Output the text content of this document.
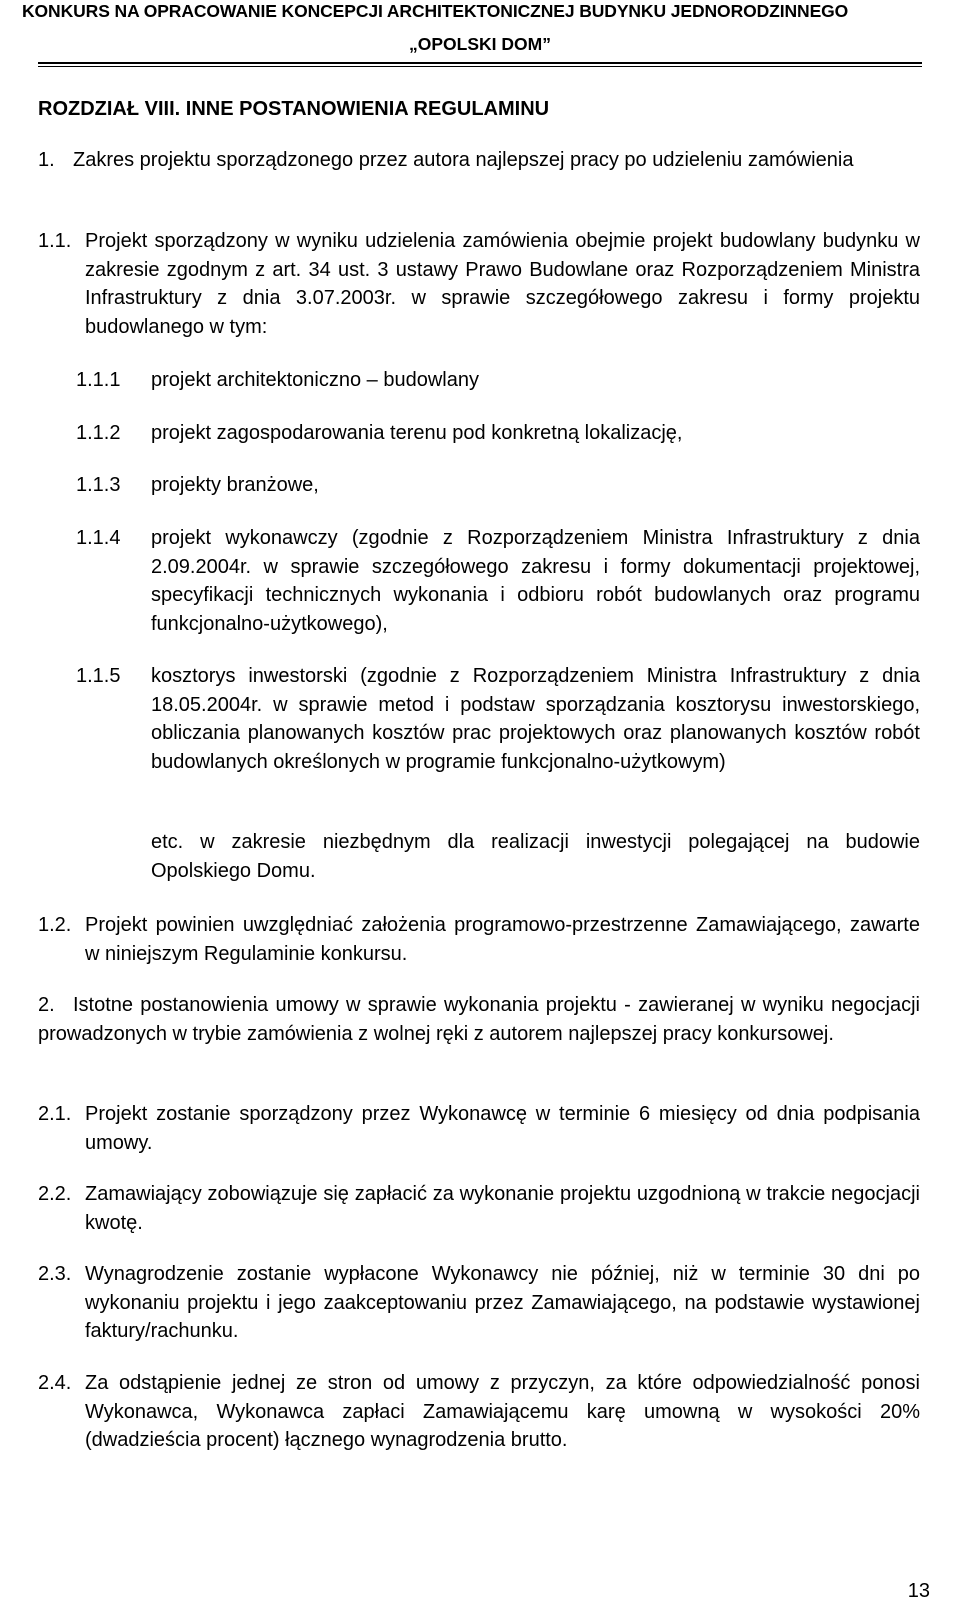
KONKURS NA OPRACOWANIE KONCEPCJI ARCHITEKTONICZNEJ BUDYNKU JEDNORODZINNEGO
„OPOLSKI DOM”
ROZDZIAŁ VIII. INNE POSTANOWIENIA REGULAMINU
1. Zakres projektu sporządzonego przez autora najlepszej pracy po udzieleniu zamówienia
1.1. Projekt sporządzony w wyniku udzielenia zamówienia obejmie projekt budowlany budynku w zakresie zgodnym z art. 34 ust. 3 ustawy Prawo Budowlane oraz Rozporządzeniem Ministra Infrastruktury z dnia 3.07.2003r. w sprawie szczegółowego zakresu i formy projektu budowlanego w tym:
1.1.1 projekt architektoniczno – budowlany
1.1.2 projekt zagospodarowania terenu pod konkretną lokalizację,
1.1.3 projekty branżowe,
1.1.4 projekt wykonawczy (zgodnie z Rozporządzeniem Ministra Infrastruktury z dnia 2.09.2004r. w sprawie szczegółowego zakresu i formy dokumentacji projektowej, specyfikacji technicznych wykonania i odbioru robót budowlanych oraz programu funkcjonalno-użytkowego),
1.1.5 kosztorys inwestorski (zgodnie z Rozporządzeniem Ministra Infrastruktury z dnia 18.05.2004r. w sprawie metod i podstaw sporządzania kosztorysu inwestorskiego, obliczania planowanych kosztów prac projektowych oraz planowanych kosztów robót budowlanych określonych w programie funkcjonalno-użytkowym)
etc. w zakresie niezbędnym dla realizacji inwestycji polegającej na budowie Opolskiego Domu.
1.2. Projekt powinien uwzględniać założenia programowo-przestrzenne Zamawiającego, zawarte w niniejszym Regulaminie konkursu.
2. Istotne postanowienia umowy w sprawie wykonania projektu - zawieranej w wyniku negocjacji prowadzonych w trybie zamówienia z wolnej ręki z autorem najlepszej pracy konkursowej.
2.1. Projekt zostanie sporządzony przez Wykonawcę w terminie 6 miesięcy od dnia podpisania umowy.
2.2. Zamawiający zobowiązuje się zapłacić za wykonanie projektu uzgodnioną w trakcie negocjacji kwotę.
2.3. Wynagrodzenie zostanie wypłacone Wykonawcy nie później, niż w terminie 30 dni po wykonaniu projektu i jego zaakceptowaniu przez Zamawiającego, na podstawie wystawionej faktury/rachunku.
2.4. Za odstąpienie jednej ze stron od umowy z przyczyn, za które odpowiedzialność ponosi Wykonawca, Wykonawca zapłaci Zamawiającemu karę umowną w wysokości 20% (dwadzieścia procent) łącznego wynagrodzenia brutto.
13
